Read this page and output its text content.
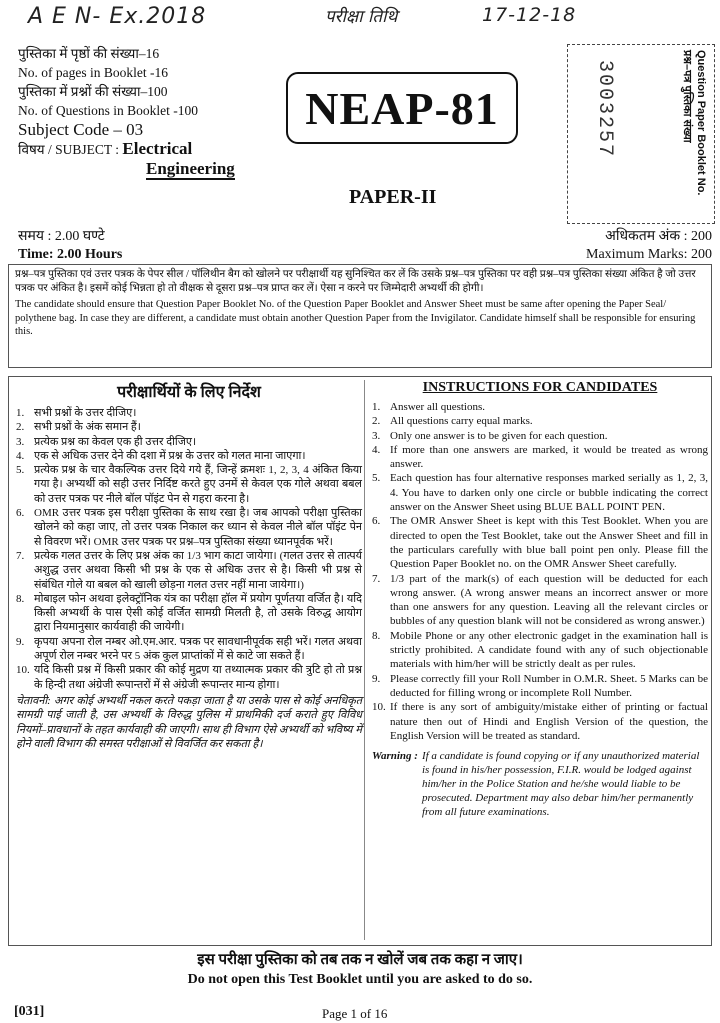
A E N- Ex.2018	परीक्षा तिथि	17-12-18
पुस्तिका में पृष्ठों की संख्या–16
No. of pages in Booklet -16
पुस्तिका में प्रश्नों की संख्या–100
No. of Questions in Booklet -100
Subject Code – 03
विषय / SUBJECT : Electrical
Engineering
NEAP-81
PAPER-II
3003257	Question Paper Booklet No.
प्रश्न–पत्र पुस्तिका संख्या
समय : 2.00 घण्टे
Time: 2.00 Hours
अधिकतम अंक : 200
Maximum Marks: 200

प्रश्न–पत्र पुस्तिका एवं उत्तर पत्रक के पेपर सील / पॉलिथीन बैग को खोलने पर परीक्षार्थी यह सुनिश्चित कर लें कि उसके प्रश्न–पत्र पुस्तिका पर वही प्रश्न–पत्र पुस्तिका संख्या अंकित है जो उत्तर पत्रक पर अंकित है। इसमें कोई भिन्नता हो तो वीक्षक से दूसरा प्रश्न–पत्र प्राप्त कर लें। ऐसा न करने पर जिम्मेदारी अभ्यर्थी की होगी।

The candidate should ensure that Question Paper Booklet No. of the Question Paper Booklet and Answer Sheet must be same after opening the Paper Seal/ polythene bag. In case they are different, a candidate must obtain another Question Paper from the Invigilator. Candidate himself shall be responsible for ensuring this.

परीक्षार्थियों के लिए निर्देश
1. सभी प्रश्नों के उत्तर दीजिए।
2. सभी प्रश्नों के अंक समान हैं।
3. प्रत्येक प्रश्न का केवल एक ही उत्तर दीजिए।
4. एक से अधिक उत्तर देने की दशा में प्रश्न के उत्तर को गलत माना जाएगा।
5. प्रत्येक प्रश्न के चार वैकल्पिक उत्तर दिये गये हैं, जिन्हें क्रमशः 1, 2, 3, 4 अंकित किया गया है। अभ्यर्थी को सही उत्तर निर्दिष्ट करते हुए उनमें से केवल एक गोले अथवा बबल को उत्तर पत्रक पर नीले बॉल पॉइंट पेन से गहरा करना है।
6. OMR उत्तर पत्रक इस परीक्षा पुस्तिका के साथ रखा है। जब आपको परीक्षा पुस्तिका खोलने को कहा जाए, तो उत्तर पत्रक निकाल कर ध्यान से केवल नीले बॉल पॉइंट पेन से विवरण भरें। OMR उत्तर पत्रक पर प्रश्न–पत्र पुस्तिका संख्या ध्यानपूर्वक भरें।
7. प्रत्येक गलत उत्तर के लिए प्रश्न अंक का 1/3 भाग काटा जायेगा। (गलत उत्तर से तात्पर्य अशुद्ध उत्तर अथवा किसी भी प्रश्न के एक से अधिक उत्तर से है। किसी भी प्रश्न से संबंधित गोले या बबल को खाली छोड़ना गलत उत्तर नहीं माना जायेगा।)
8. मोबाइल फोन अथवा इलेक्ट्रॉनिक यंत्र का परीक्षा हॉल में प्रयोग पूर्णतया वर्जित है। यदि किसी अभ्यर्थी के पास ऐसी कोई वर्जित सामग्री मिलती है, तो उसके विरुद्ध आयोग द्वारा नियमानुसार कार्यवाही की जायेगी।
9. कृपया अपना रोल नम्बर ओ.एम.आर. पत्रक पर सावधानीपूर्वक सही भरें। गलत अथवा अपूर्ण रोल नम्बर भरने पर 5 अंक कुल प्राप्तांकों में से काटे जा सकते हैं।
10. यदि किसी प्रश्न में किसी प्रकार की कोई मुद्रण या तथ्यात्मक प्रकार की त्रुटि हो तो प्रश्न के हिन्दी तथा अंग्रेजी रूपान्तरों में से अंग्रेजी रूपान्तर मान्य होगा।
चेतावनी: अगर कोई अभ्यर्थी नकल करते पकड़ा जाता है या उसके पास से कोई अनधिकृत सामग्री पाई जाती है, उस अभ्यर्थी के विरुद्ध पुलिस में प्राथमिकी दर्ज कराते हुए विविध नियमों–प्रावधानों के तहत कार्यवाही की जाएगी। साथ ही विभाग ऐसे अभ्यर्थी को भविष्य में होने वाली विभाग की समस्त परीक्षाओं से विवर्जित कर सकता है।
INSTRUCTIONS FOR CANDIDATES
1. Answer all questions.
2. All questions carry equal marks.
3. Only one answer is to be given for each question.
4. If more than one answers are marked, it would be treated as wrong answer.
5. Each question has four alternative responses marked serially as 1, 2, 3, 4. You have to darken only one circle or bubble indicating the correct answer on the Answer Sheet using BLUE BALL POINT PEN.
6. The OMR Answer Sheet is kept with this Test Booklet. When you are directed to open the Test Booklet, take out the Answer Sheet and fill in the particulars carefully with blue ball point pen only. Please fill the Question Paper Booklet no. on the OMR Answer Sheet carefully.
7. 1/3 part of the mark(s) of each question will be deducted for each wrong answer. (A wrong answer means an incorrect answer or more than one answers for any question. Leaving all the relevant circles or bubbles of any question blank will not be considered as wrong answer.)
8. Mobile Phone or any other electronic gadget in the examination hall is strictly prohibited. A candidate found with any of such objectionable materials with him/her will be strictly dealt as per rules.
9. Please correctly fill your Roll Number in O.M.R. Sheet. 5 Marks can be deducted for filling wrong or incomplete Roll Number.
10. If there is any sort of ambiguity/mistake either of printing or factual nature then out of Hindi and English Version of the question, the English Version will be treated as standard.
Warning : If a candidate is found copying or if any unauthorized material is found in his/her possession, F.I.R. would be lodged against him/her in the Police Station and he/she would liable to be prosecuted. Department may also debar him/her permanently from all future examinations.
इस परीक्षा पुस्तिका को तब तक न खोलें जब तक कहा न जाए।
Do not open this Test Booklet until you are asked to do so.
[031]	Page 1 of 16
